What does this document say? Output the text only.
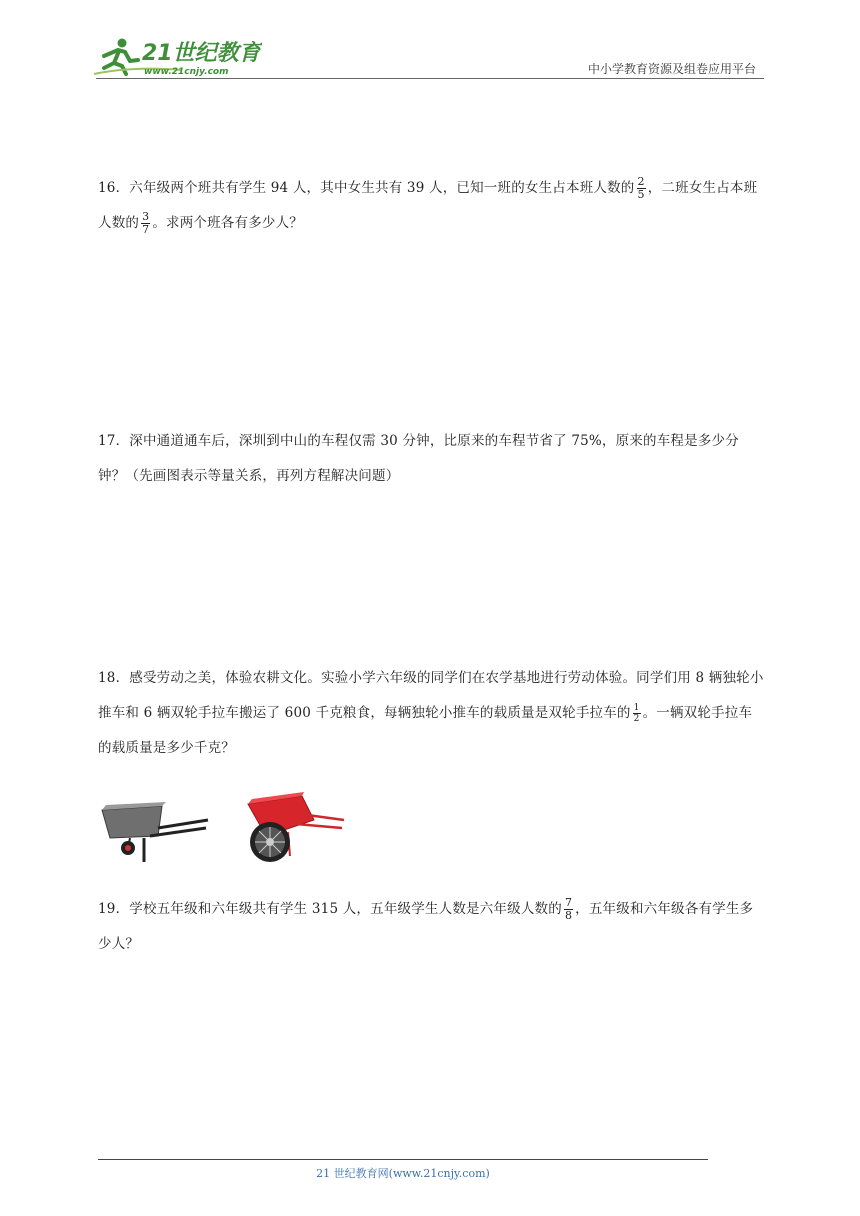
21世纪教育
www.21cnjy.com	中小学教育资源及组卷应用平台
16．六年级两个班共有学生 94 人，其中女生共有 39 人，已知一班的女生占本班人数的 $\frac{2}{5}$ ，二班女生占本班人数的 $\frac{3}{7}$ 。求两个班各有多少人？
17．深中通道通车后，深圳到中山的车程仅需 30 分钟，比原来的车程节省了 75%，原来的车程是多少分钟？（先画图表示等量关系，再列方程解决问题）
18．感受劳动之美，体验农耕文化。实验小学六年级的同学们在农学基地进行劳动体验。同学们用 8 辆独轮小推车和 6 辆双轮手拉车搬运了 600 千克粮食，每辆独轮小推车的载质量是双轮手拉车的 $\frac{1}{2}$ 。一辆双轮手拉车的载质量是多少千克？
19．学校五年级和六年级共有学生 315 人，五年级学生人数是六年级人数的 $\frac{7}{8}$ ，五年级和六年级各有学生多少人？
21 世纪教育网(www.21cnjy.com)
